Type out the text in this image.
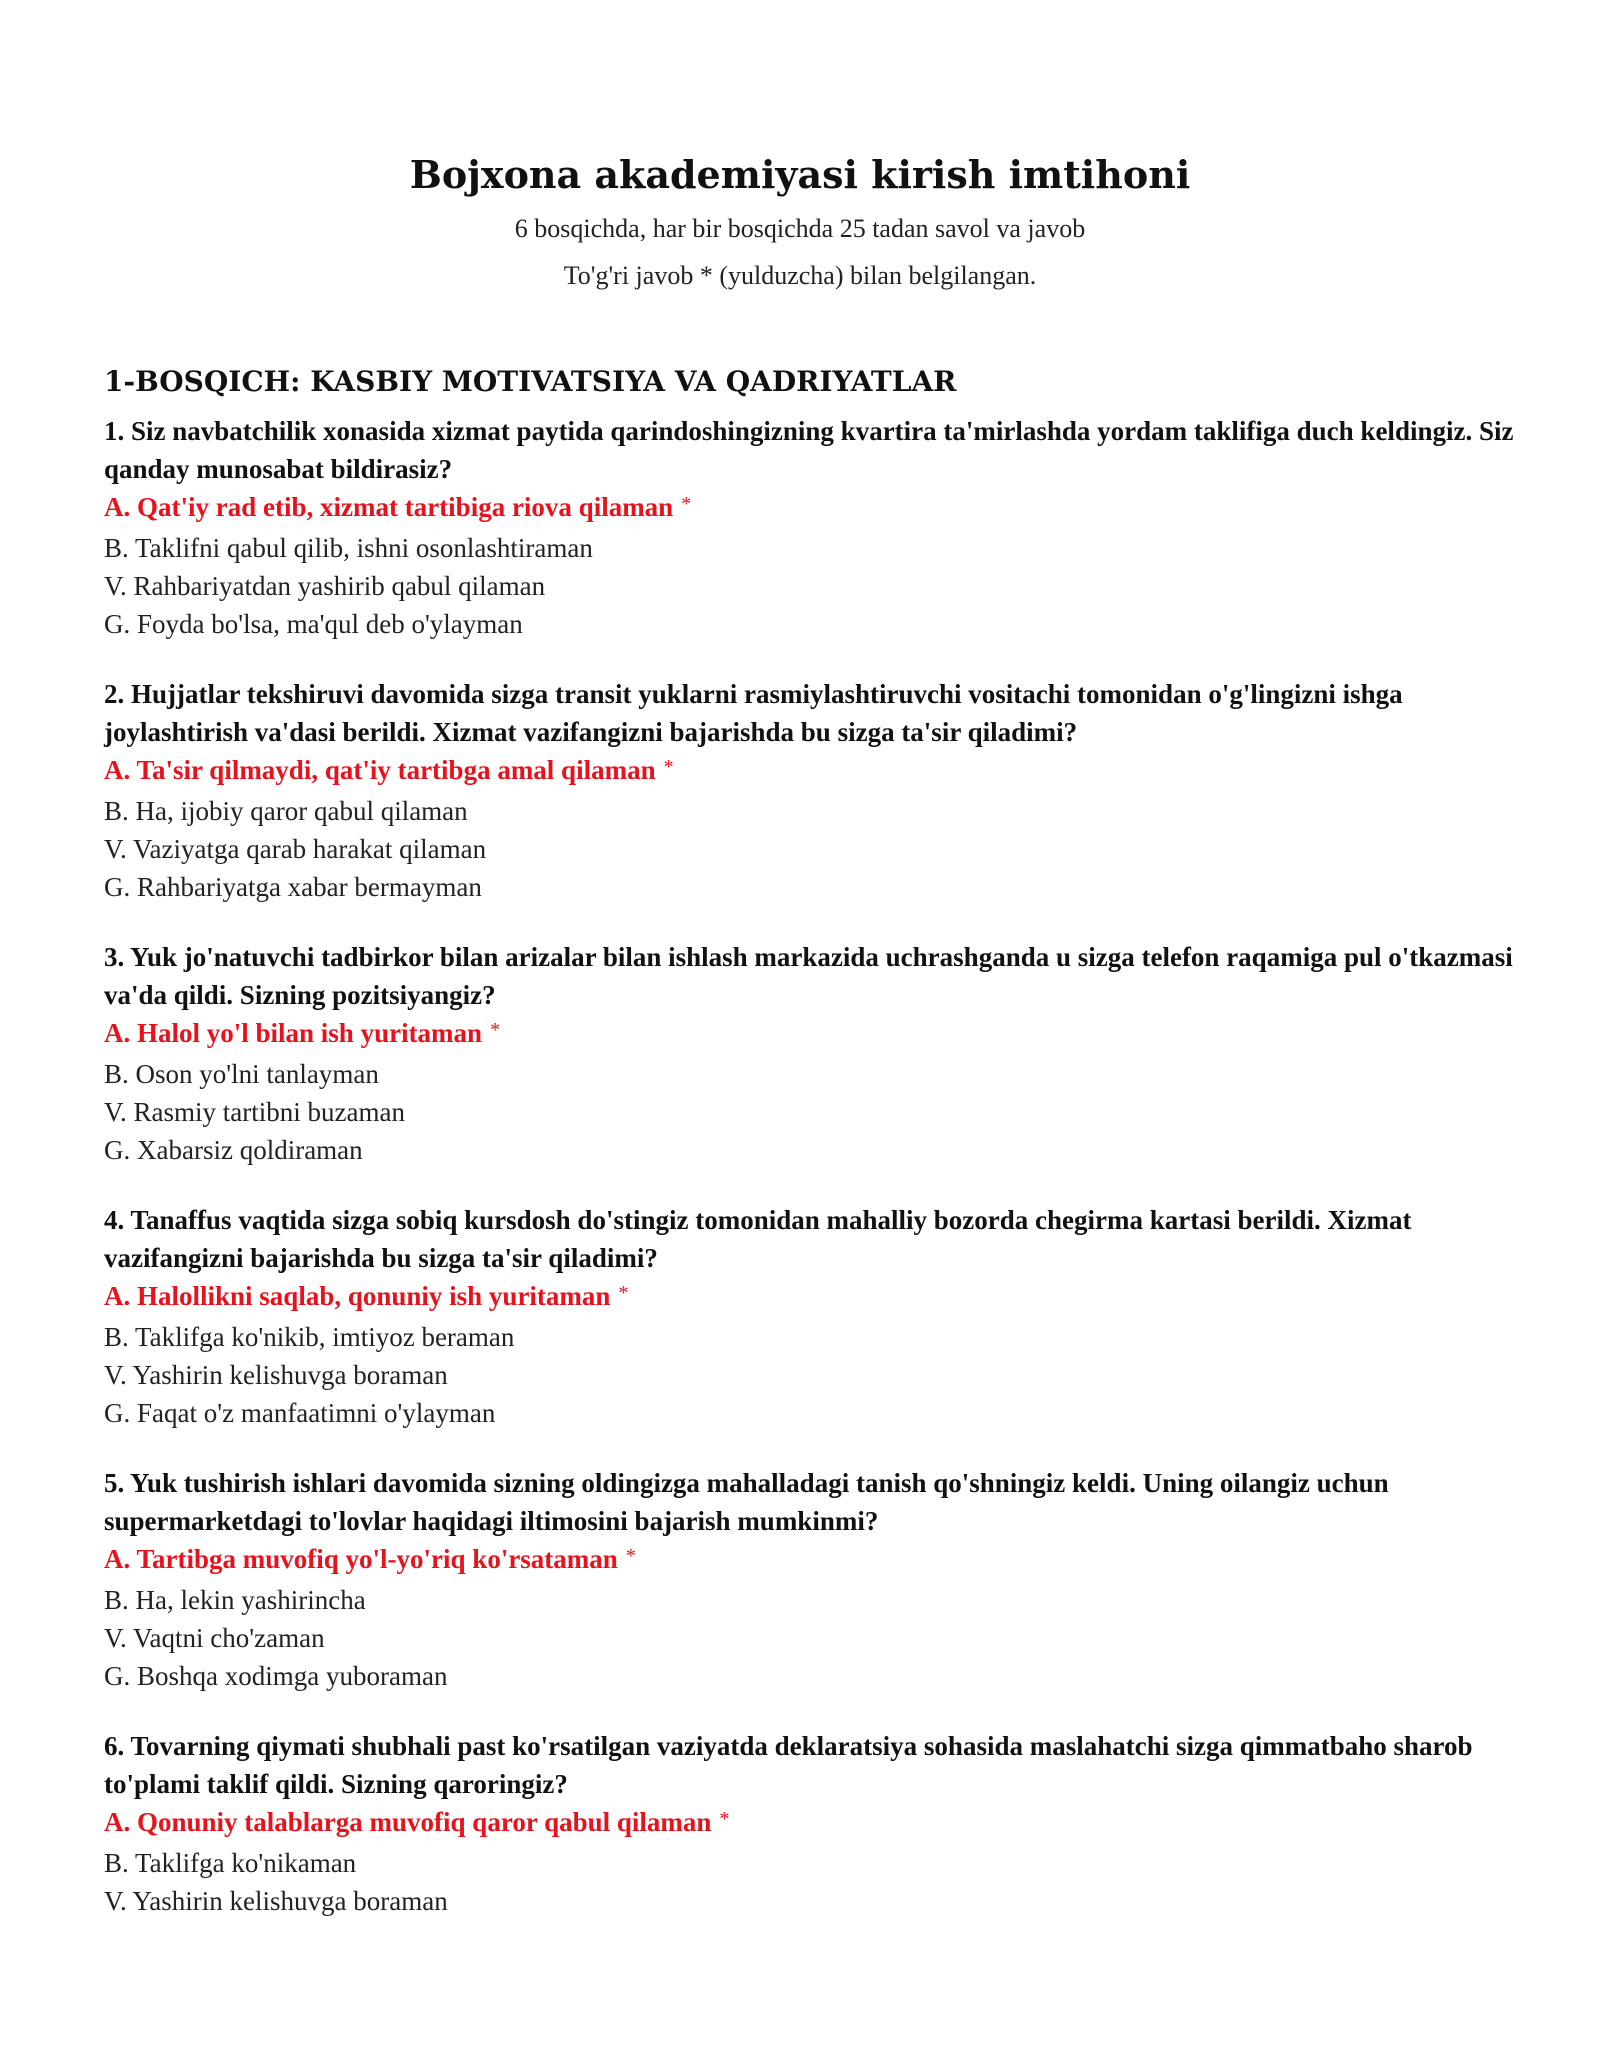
Bojxona akademiyasi kirish imtihoni
6 bosqichda, har bir bosqichda 25 tadan savol va javob
To'g'ri javob * (yulduzcha) bilan belgilangan.
1-BOSQICH: KASBIY MOTIVATSIYA VA QADRIYATLAR

1. Siz navbatchilik xonasida xizmat paytida qarindoshingizning kvartira ta'mirlashda yordam taklifiga duch keldingiz. Siz qanday munosabat bildirasiz?

A. Qat'iy rad etib, xizmat tartibiga riova qilaman *

B. Taklifni qabul qilib, ishni osonlashtiraman

V. Rahbariyatdan yashirib qabul qilaman

G. Foyda bo'lsa, ma'qul deb o'ylayman

2. Hujjatlar tekshiruvi davomida sizga transit yuklarni rasmiylashtiruvchi vositachi tomonidan o'g'lingizni ishga joylashtirish va'dasi berildi. Xizmat vazifangizni bajarishda bu sizga ta'sir qiladimi?

A. Ta'sir qilmaydi, qat'iy tartibga amal qilaman *

B. Ha, ijobiy qaror qabul qilaman

V. Vaziyatga qarab harakat qilaman

G. Rahbariyatga xabar bermayman

3. Yuk jo'natuvchi tadbirkor bilan arizalar bilan ishlash markazida uchrashganda u sizga telefon raqamiga pul o'tkazmasi va'da qildi. Sizning pozitsiyangiz?

A. Halol yo'l bilan ish yuritaman *

B. Oson yo'lni tanlayman

V. Rasmiy tartibni buzaman

G. Xabarsiz qoldiraman

4. Tanaffus vaqtida sizga sobiq kursdosh do'stingiz tomonidan mahalliy bozorda chegirma kartasi berildi. Xizmat vazifangizni bajarishda bu sizga ta'sir qiladimi?

A. Halollikni saqlab, qonuniy ish yuritaman *

B. Taklifga ko'nikib, imtiyoz beraman

V. Yashirin kelishuvga boraman

G. Faqat o'z manfaatimni o'ylayman

5. Yuk tushirish ishlari davomida sizning oldingizga mahalladagi tanish qo'shningiz keldi. Uning oilangiz uchun supermarketdagi to'lovlar haqidagi iltimosini bajarish mumkinmi?

A. Tartibga muvofiq yo'l-yo'riq ko'rsataman *

B. Ha, lekin yashirincha

V. Vaqtni cho'zaman

G. Boshqa xodimga yuboraman

6. Tovarning qiymati shubhali past ko'rsatilgan vaziyatda deklaratsiya sohasida maslahatchi sizga qimmatbaho sharob to'plami taklif qildi. Sizning qaroringiz?

A. Qonuniy talablarga muvofiq qaror qabul qilaman *

B. Taklifga ko'nikaman

V. Yashirin kelishuvga boraman
